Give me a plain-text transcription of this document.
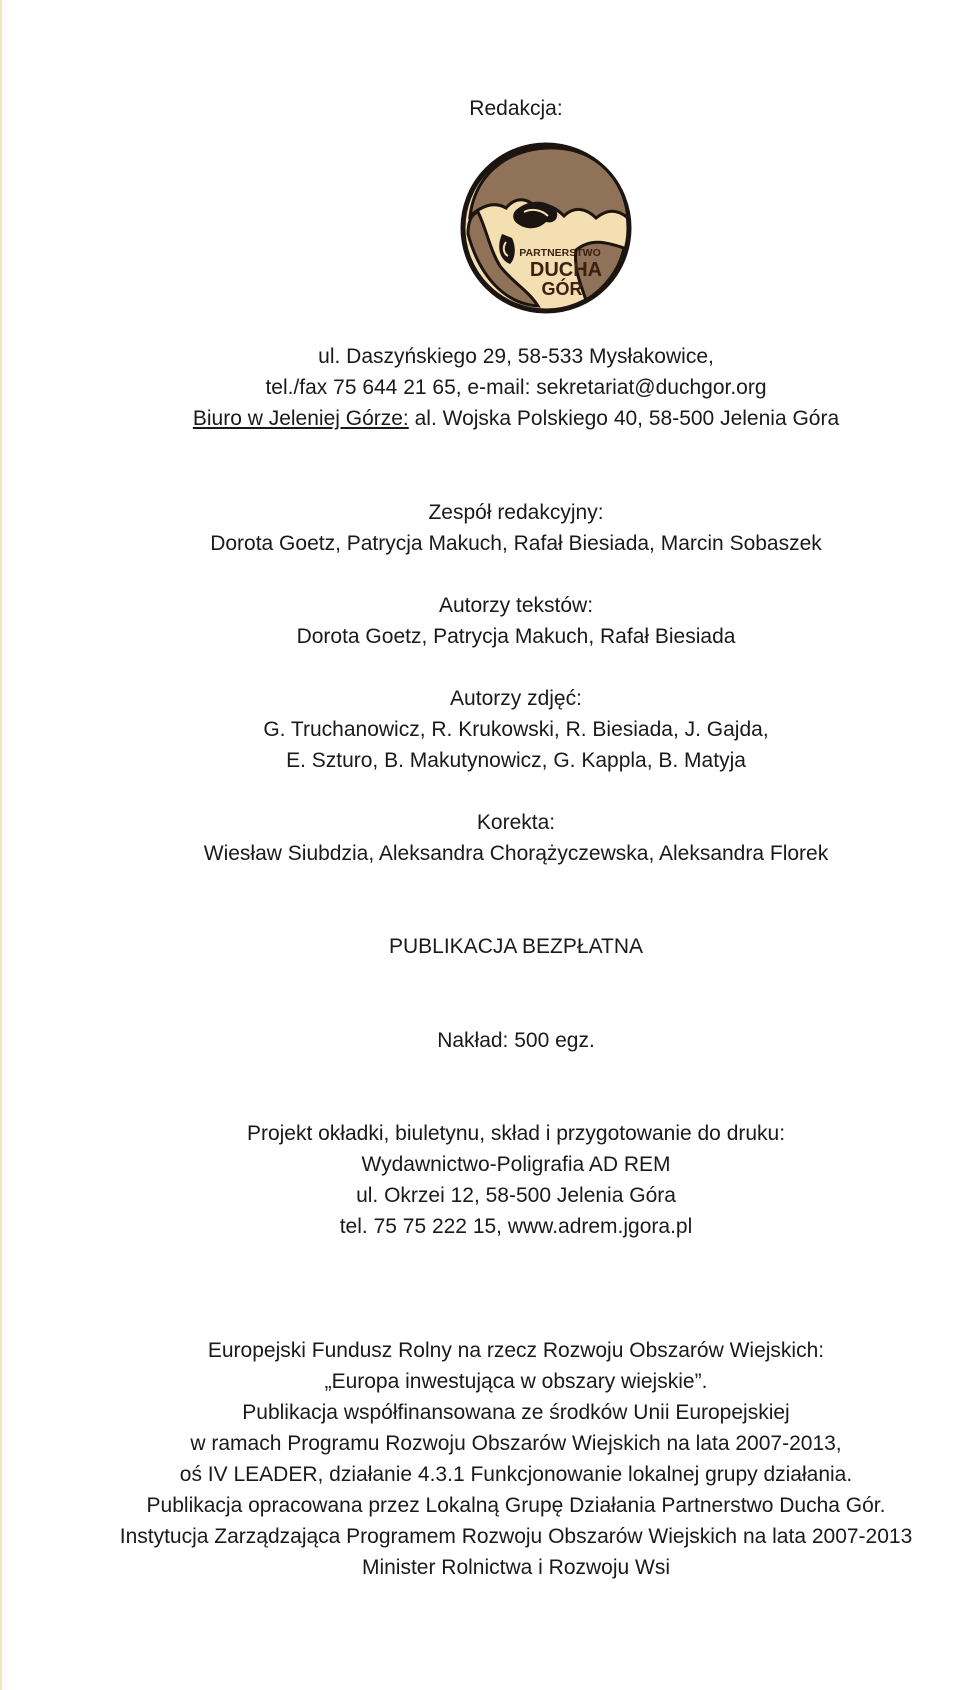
Redakcja:
PARTNERSTWO
DUCHA
GÓR
ul. Daszyńskiego 29, 58-533 Mysłakowice,
tel./fax 75 644 21 65, e-mail: sekretariat@duchgor.org
Biuro w Jeleniej Górze: al. Wojska Polskiego 40, 58-500 Jelenia Góra
Zespół redakcyjny:
Dorota Goetz, Patrycja Makuch, Rafał Biesiada, Marcin Sobaszek
Autorzy tekstów:
Dorota Goetz, Patrycja Makuch, Rafał Biesiada
Autorzy zdjęć:
G. Truchanowicz, R. Krukowski, R. Biesiada, J. Gajda,
E. Szturo, B. Makutynowicz, G. Kappla, B. Matyja
Korekta:
Wiesław Siubdzia, Aleksandra Chorążyczewska, Aleksandra Florek
PUBLIKACJA BEZPŁATNA
Nakład: 500 egz.
Projekt okładki, biuletynu, skład i przygotowanie do druku:
Wydawnictwo-Poligrafia AD REM
ul. Okrzei 12, 58-500 Jelenia Góra
tel. 75 75 222 15, www.adrem.jgora.pl
Europejski Fundusz Rolny na rzecz Rozwoju Obszarów Wiejskich:
„Europa inwestująca w obszary wiejskie”.
Publikacja współfinansowana ze środków Unii Europejskiej
w ramach Programu Rozwoju Obszarów Wiejskich na lata 2007-2013,
oś IV LEADER, działanie 4.3.1 Funkcjonowanie lokalnej grupy działania.
Publikacja opracowana przez Lokalną Grupę Działania Partnerstwo Ducha Gór.
Instytucja Zarządzająca Programem Rozwoju Obszarów Wiejskich na lata 2007-2013
Minister Rolnictwa i Rozwoju Wsi
